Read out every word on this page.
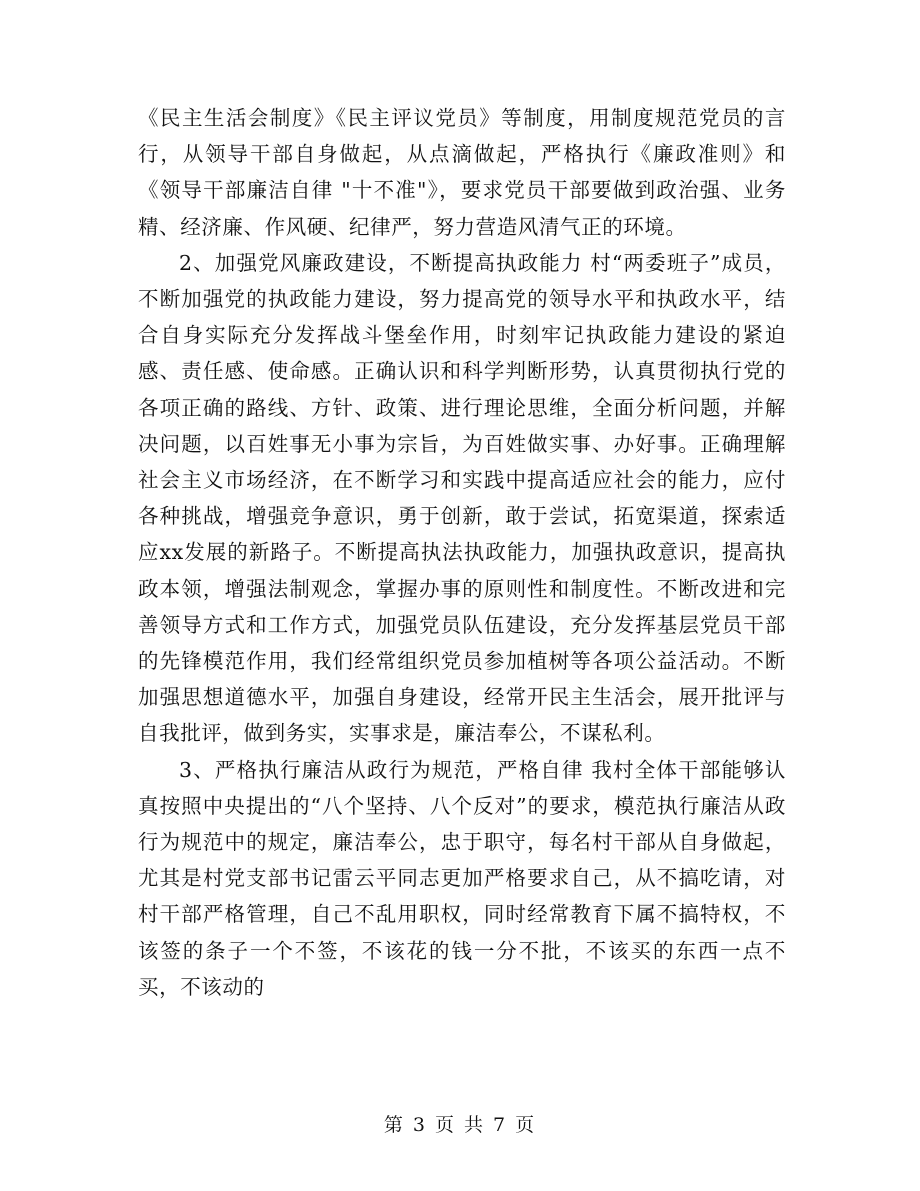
《民主生活会制度》《民主评议党员》等制度，用制度规范党员的言行，从领导干部自身做起，从点滴做起，严格执行《廉政准则》和《领导干部廉洁自律 "十不准"》，要求党员干部要做到政治强、业务精、经济廉、作风硬、纪律严，努力营造风清气正的环境。

2、加强党风廉政建设，不断提高执政能力 村“两委班子”成员，不断加强党的执政能力建设，努力提高党的领导水平和执政水平，结合自身实际充分发挥战斗堡垒作用，时刻牢记执政能力建设的紧迫感、责任感、使命感。正确认识和科学判断形势，认真贯彻执行党的各项正确的路线、方针、政策、进行理论思维，全面分析问题，并解决问题，以百姓事无小事为宗旨，为百姓做实事、办好事。正确理解社会主义市场经济，在不断学习和实践中提高适应社会的能力，应付各种挑战，增强竞争意识，勇于创新，敢于尝试，拓宽渠道，探索适应xx发展的新路子。不断提高执法执政能力，加强执政意识，提高执政本领，增强法制观念，掌握办事的原则性和制度性。不断改进和完善领导方式和工作方式，加强党员队伍建设，充分发挥基层党员干部的先锋模范作用，我们经常组织党员参加植树等各项公益活动。不断加强思想道德水平，加强自身建设，经常开民主生活会，展开批评与自我批评，做到务实，实事求是，廉洁奉公，不谋私利。

3、严格执行廉洁从政行为规范，严格自律 我村全体干部能够认真按照中央提出的“八个坚持、八个反对”的要求，模范执行廉洁从政行为规范中的规定，廉洁奉公，忠于职守，每名村干部从自身做起，尤其是村党支部书记雷云平同志更加严格要求自己，从不搞吃请，对村干部严格管理，自己不乱用职权，同时经常教育下属不搞特权，不该签的条子一个不签，不该花的钱一分不批，不该买的东西一点不买，不该动的

第 3 页 共 7 页
